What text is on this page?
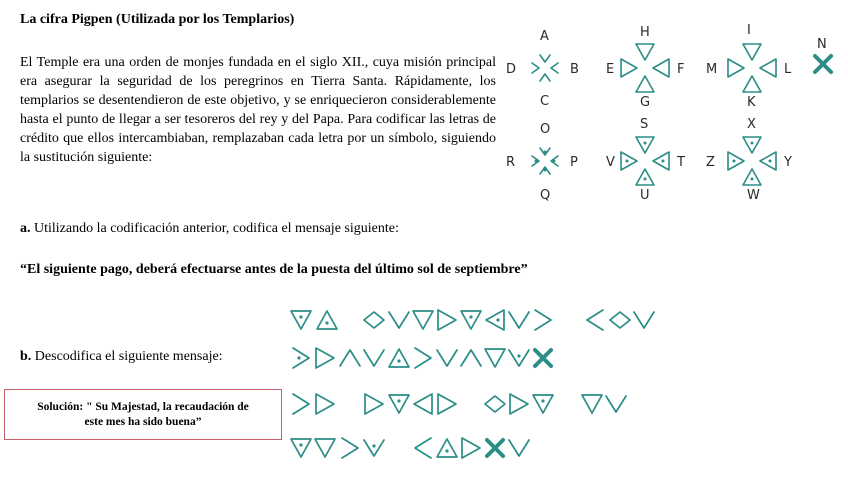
La cifra Pigpen (Utilizada por los Templarios)
El Temple era una orden de monjes fundada en el siglo XII., cuya misión principal era asegurar la seguridad de los peregrinos en Tierra Santa. Rápidamente, los templarios se desentendieron de este objetivo, y se enriquecieron considerablemente hasta el punto de llegar a ser tesoreros del rey y del Papa. Para codificar las letras de crédito que ellos intercambiaban, remplazaban cada letra por un símbolo, siguiendo la sustitución siguiente:
a. Utilizando la codificación anterior, codifica el mensaje siguiente:
“El siguiente pago, deberá efectuarse antes de la puesta del último sol de septiembre”
b. Descodifica el siguiente mensaje:
Solución: " Su Majestad, la recaudación de
este mes ha sido buena”
A
B
C
D
H
F
G
E
I
L
K
M
N
O
P
Q
R
S
T
U
V
X
Y
W
Z
